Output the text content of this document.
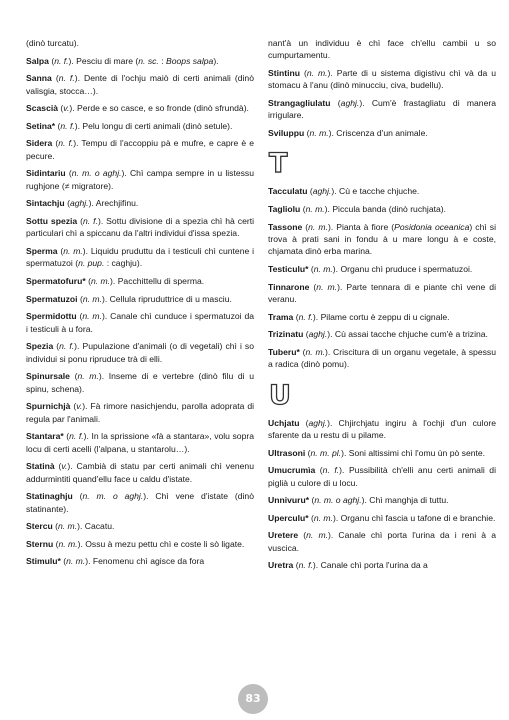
(dinò turcatu).

Salpa (n. f.). Pesciu di mare (n. sc. : Boops salpa).

Sanna (n. f.). Dente di l'ochju maiò di certi animali (dinò valisgia, stocca…).

Scascià (v.). Perde e so casce, e so fronde (dinò sfrundà).

Setina* (n. f.). Pelu longu di certi animali (dinò setule).

Sidera (n. f.). Tempu di l'accoppiu pà e mufre, e capre è e pecure.

Sidintariu (n. m. o aghj.). Chì campa sempre in u listessu rughjone (≠ migratore).

Sintachju (aghj.). Arechjifinu.

Sottu spezia (n. f.). Sottu divisione di a spezia chì hà certi particulari chì a spiccanu da l'altri individui d'issa spezia.

Sperma (n. m.). Liquidu pruduttu da i testiculi chì cuntene i spermatuzoi (n. pup. : caghju).

Spermatofuru* (n. m.). Pacchittellu di sperma.

Spermatuzoi (n. m.). Cellula ripruduttrice di u masciu.

Spermidottu (n. m.). Canale chì cunduce i spermatuzoi da i testiculi à u fora.

Spezia (n. f.). Pupulazione d'animali (o di vegetali) chì i so individui si ponu ripruduce trà di elli.

Spinursale (n. m.). Inseme di e vertebre (dinò filu di u spinu, schena).

Spurnichjà (v.). Fà rimore nasichjendu, parolla adoprata di regula par l'animali.

Stantara* (n. f.). In la sprissione «fà a stantara», volu sopra locu di certi acelli (l'alpana, u stantarolu…).

Statinà (v.). Cambià di statu par certi animali chì venenu addurmintiti quand'ellu face u caldu d'istate.

Statinaghju (n. m. o aghj.). Chì vene d'istate (dinò statinante).

Stercu (n. m.). Cacatu.

Sternu (n. m.). Ossu à mezu pettu chì e coste li sò ligate.

Stimulu* (n. m.). Fenomenu chì agisce da fora

nant'à un individuu è chì face ch'ellu cambii u so cumpurtamentu.

Stintinu (n. m.). Parte di u sistema digistivu chì và da u stomacu à l'anu (dinò minucciu, civa, budellu).

Strangagliulatu (aghj.). Cum'è frastagliatu di manera irrigulare.

Sviluppu (n. m.). Criscenza d'un animale.

T

Tacculatu (aghj.). Cù e tacche chjuche.

Tagliolu (n. m.). Piccula banda (dinò ruchjata).

Tassone (n. m.). Pianta à fiore (Posidonia oceanica) chì si trova à prati sani in fondu à u mare longu à e coste, chjamata dinò erba marina.

Testiculu* (n. m.). Organu chì pruduce i spermatuzoi.

Tinnarone (n. m.). Parte tennara di e piante chì vene di veranu.

Trama (n. f.). Pilame cortu è zeppu di u cignale.

Trizinatu (aghj.). Cù assai tacche chjuche cum'è a trizina.

Tuberu* (n. m.). Criscitura di un organu vegetale, à spessu a radica (dinò pomu).

U

Uchjatu (aghj.). Chjirchjatu ingiru à l'ochji d'un culore sfarente da u restu di u pilame.

Ultrasoni (n. m. pl.). Soni altissimi chì l'omu ùn pò sente.

Umucrumìa (n. f.). Pussibilità ch'elli anu certi animali di piglià u culore di u locu.

Unnivuru* (n. m. o aghj.). Chì manghja di tuttu.

Uperculu* (n. m.). Organu chì fascia u tafone di e branchie.

Uretere (n. m.). Canale chì porta l'urina da i reni à a vuscica.

Uretra (n. f.). Canale chì porta l'urina da a

83
